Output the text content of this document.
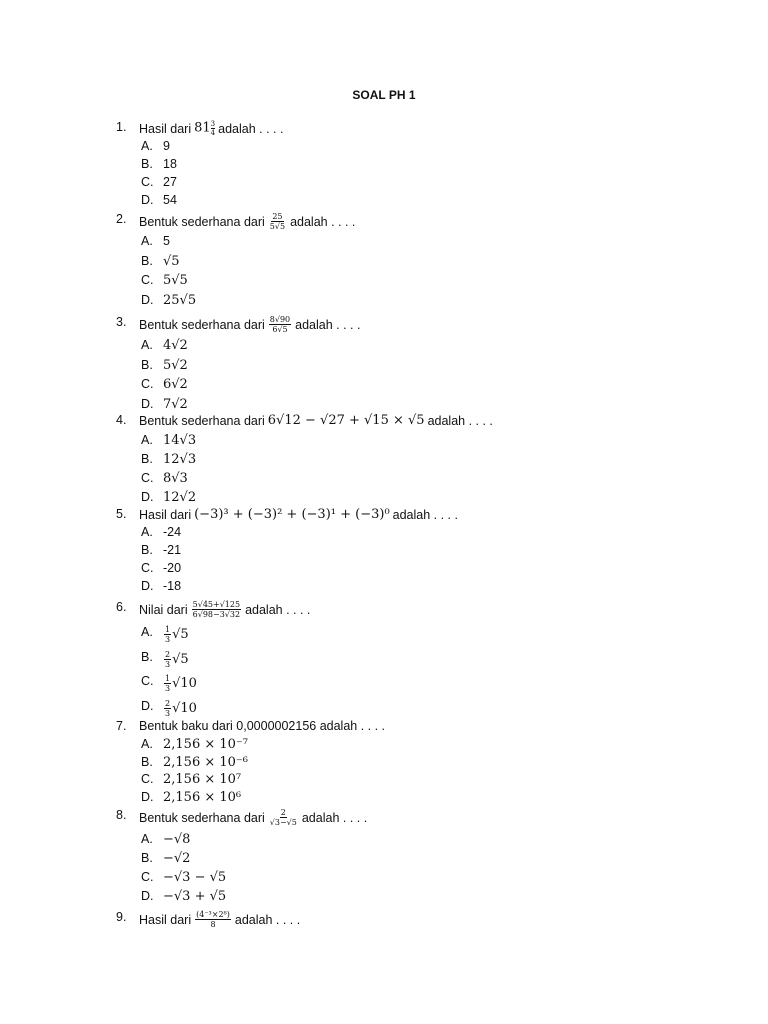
SOAL PH 1
1. Hasil dari $81 \frac{3}{4}$ adalah . . . .
A. 9
B. 18
C. 27
D. 54
2. Bentuk sederhana dari $\frac{25}{5√5}$ adalah . . . .
A. 5
B. √5
C. 5√5
D. 25√5
3. Bentuk sederhana dari $\frac{8√90}{6√5}$ adalah . . . .
A. 4√2
B. 5√2
C. 6√2
D. 7√2
4. Bentuk sederhana dari 6√12 − √27 + √15 × √5 adalah . . . .
A. 14√3
B. 12√3
C. 8√3
D. 12√2
5. Hasil dari (−3)³ + (−3)² + (−3)¹ + (−3)⁰ adalah . . . .
A. -24
B. -21
C. -20
D. -18
6. Nilai dari $\frac{5√45+√125}{6√98-3√32}$ adalah . . . .
A. $\frac{1}{3} √5$
B. $\frac{2}{3} √5$
C. $\frac{1}{3} √10$
D. $\frac{2}{3} √10$
7. Bentuk baku dari 0,0000002156 adalah . . . .
A. 2,156 × 10⁻⁷
B. 2,156 × 10⁻⁶
C. 2,156 × 10⁷
D. 2,156 × 10⁶
8. Bentuk sederhana dari $\frac{2}{√3-√5}$ adalah . . . .
A. −√8
B. −√2
C. −√3 − √5
D. −√3 + √5
9. Hasil dari $\frac{\text{(4⁻³×2⁸)}}{8}$ adalah . . . .
